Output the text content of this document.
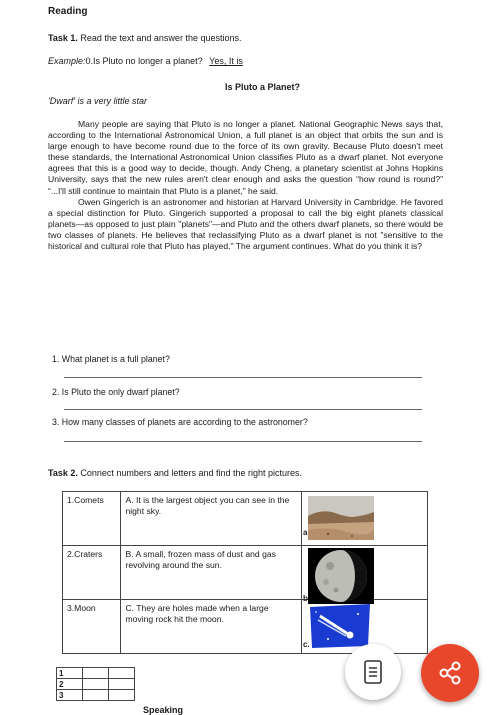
Reading
Task 1. Read the text and answer the questions.
Example:0.Is Pluto no longer a planet? Yes, It is
Is Pluto a Planet?
'Dwarf' is a very little star

Many people are saying that Pluto is no longer a planet. National Geographic News says that, according to the International Astronomical Union, a full planet is an object that orbits the sun and is large enough to have become round due to the force of its own gravity. Because Pluto doesn't meet these standards, the International Astronomical Union classifies Pluto as a dwarf planet. Not everyone agrees that this is a good way to decide, though. Andy Cheng, a planetary scientist at Johns Hopkins University, says that the new rules aren't clear enough and asks the question “how round is round?” “...I'll still continue to maintain that Pluto is a planet," he said.

Owen Gingerich is an astronomer and historian at Harvard University in Cambridge. He favored a special distinction for Pluto. Gingerich supported a proposal to call the big eight planets classical planets—as opposed to just plain "planets"—and Pluto and the others dwarf planets, so there would be two classes of planets. He believes that reclassifying Pluto as a dwarf planet is not "sensitive to the historical and cultural role that Pluto has played." The argument continues. What do you think it is?

1. What planet is a full planet?
2. Is Pluto the only dwarf planet?
3. How many classes of planets are according to the astronomer?
Task 2. Connect numbers and letters and find the right pictures.
1.Comets	A. It is the largest object you can see in the night sky.	a

2.Craters	B. A small, frozen mass of dust and gas revolving around the sun.	b.

3.Moon	C. They are holes made when a large moving rock hit the moon.	c.
1		
2		
3		
Speaking
